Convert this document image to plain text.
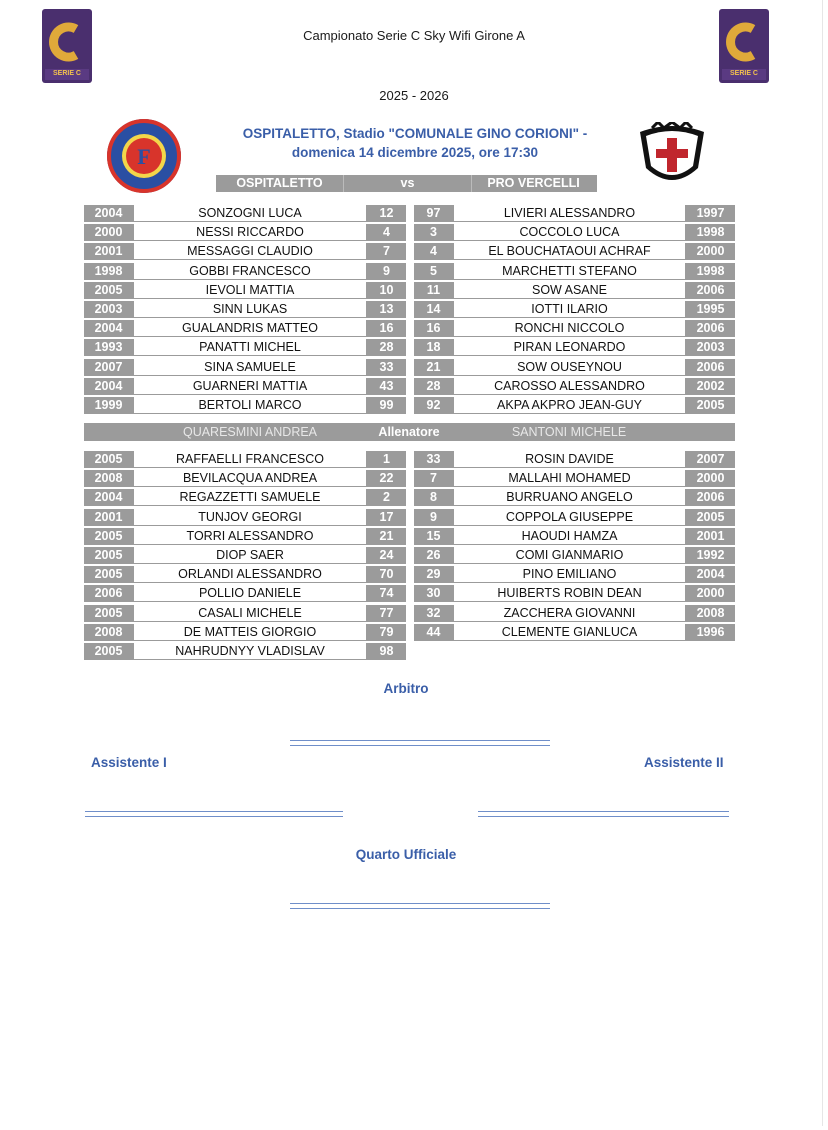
SERIE C	SERIE C
Campionato Serie C Sky Wifi Girone A
2025 - 2026
F
OSPITALETTO, Stadio "COMUNALE GINO CORIONI" -
domenica 14 dicembre 2025, ore 17:30
OSPITALETTO	vs	PRO VERCELLI
2004	SONZOGNI LUCA	12	97	LIVIERI ALESSANDRO	1997
2000	NESSI RICCARDO	4	3	COCCOLO LUCA	1998
2001	MESSAGGI CLAUDIO	7	4	EL BOUCHATAOUI ACHRAF	2000
1998	GOBBI FRANCESCO	9	5	MARCHETTI STEFANO	1998
2005	IEVOLI MATTIA	10	11	SOW ASANE	2006
2003	SINN LUKAS	13	14	IOTTI ILARIO	1995
2004	GUALANDRIS MATTEO	16	16	RONCHI NICCOLO	2006
1993	PANATTI MICHEL	28	18	PIRAN LEONARDO	2003
2007	SINA SAMUELE	33	21	SOW OUSEYNOU	2006
2004	GUARNERI MATTIA	43	28	CAROSSO ALESSANDRO	2002
1999	BERTOLI MARCO	99	92	AKPA AKPRO JEAN-GUY	2005
QUARESMINI ANDREA	Allenatore	SANTONI MICHELE
2005	RAFFAELLI FRANCESCO	1	33	ROSIN DAVIDE	2007
2008	BEVILACQUA ANDREA	22	7	MALLAHI MOHAMED	2000
2004	REGAZZETTI SAMUELE	2	8	BURRUANO ANGELO	2006
2001	TUNJOV GEORGI	17	9	COPPOLA GIUSEPPE	2005
2005	TORRI ALESSANDRO	21	15	HAOUDI HAMZA	2001
2005	DIOP SAER	24	26	COMI GIANMARIO	1992
2005	ORLANDI ALESSANDRO	70	29	PINO EMILIANO	2004
2006	POLLIO DANIELE	74	30	HUIBERTS ROBIN DEAN	2000
2005	CASALI MICHELE	77	32	ZACCHERA GIOVANNI	2008
2008	DE MATTEIS GIORGIO	79	44	CLEMENTE GIANLUCA	1996
2005	NAHRUDNYY VLADISLAV	98
Arbitro
Assistente I	Assistente II
Quarto Ufficiale
